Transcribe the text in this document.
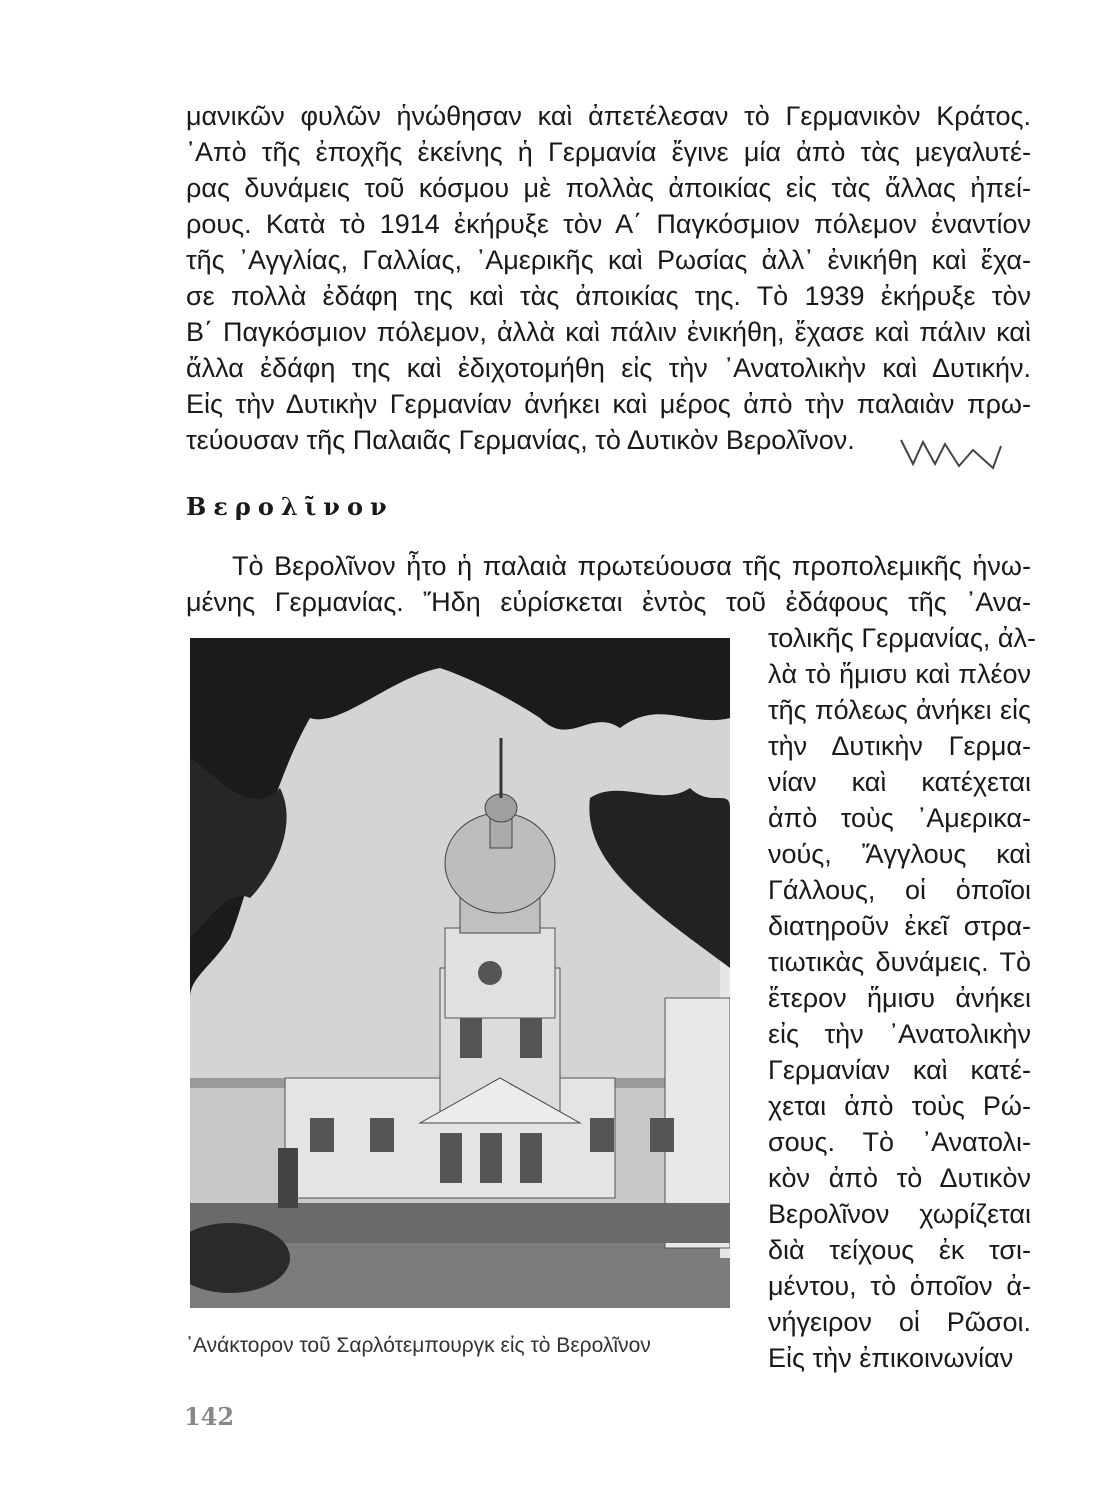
μανικῶν φυλῶν ἡνώθησαν καὶ ἀπετέλεσαν τὸ Γερμανικὸν Κράτος.
᾿Απὸ τῆς ἐποχῆς ἐκείνης ἡ Γερμανία ἔγινε μία ἀπὸ τὰς μεγαλυτέ-
ρας δυνάμεις τοῦ κόσμου μὲ πολλὰς ἀποικίας εἰς τὰς ἄλλας ἠπεί-
ρους. Κατὰ τὸ 1914 ἐκήρυξε τὸν Α΄ Παγκόσμιον πόλεμον ἐναντίον
τῆς ᾿Αγγλίας, Γαλλίας, ᾿Αμερικῆς καὶ Ρωσίας ἀλλ᾿ ἐνικήθη καὶ ἔχα-
σε πολλὰ ἐδάφη της καὶ τὰς ἀποικίας της. Τὸ 1939 ἐκήρυξε τὸν
Β΄ Παγκόσμιον πόλεμον, ἀλλὰ καὶ πάλιν ἐνικήθη, ἔχασε καὶ πάλιν καὶ
ἄλλα ἐδάφη της καὶ ἐδιχοτομήθη εἰς τὴν ᾿Ανατολικὴν καὶ Δυτικήν.
Εἰς τὴν Δυτικὴν Γερμανίαν ἀνήκει καὶ μέρος ἀπὸ τὴν παλαιὰν πρω-
τεύουσαν τῆς Παλαιᾶς Γερμανίας, τὸ Δυτικὸν Βερολῖνον.
Βερολῖνον
Τὸ Βερολῖνον ἦτο ἡ παλαιὰ πρωτεύουσα τῆς προπολεμικῆς ἡνω-
μένης Γερμανίας. Ἤδη εὑρίσκεται ἐντὸς τοῦ ἐδάφους τῆς ᾿Ανα-
τολικῆς Γερμανίας, ἀλ-
λὰ τὸ ἥμισυ καὶ πλέον
τῆς πόλεως ἀνήκει εἰς
τὴν Δυτικὴν Γερμα-
νίαν καὶ κατέχεται
ἀπὸ τοὺς ᾿Αμερικα-
νούς, Ἄγγλους καὶ
Γάλλους, οἱ ὁποῖοι
διατηροῦν ἐκεῖ στρα-
τιωτικὰς δυνάμεις. Τὸ
ἕτερον ἥμισυ ἀνήκει
εἰς τὴν ᾿Ανατολικὴν
Γερμανίαν καὶ κατέ-
χεται ἀπὸ τοὺς Ρώ-
σους. Τὸ ᾿Ανατολι-
κὸν ἀπὸ τὸ Δυτικὸν
Βερολῖνον χωρίζεται
διὰ τείχους ἐκ τσι-
μέντου, τὸ ὁποῖον ἀ-
νήγειρον οἱ Ρῶσοι.
Εἰς τὴν ἐπικοινωνίαν
᾿Ανάκτορον τοῦ Σαρλότεμπουργκ εἰς τὸ Βερολῖνον
142
